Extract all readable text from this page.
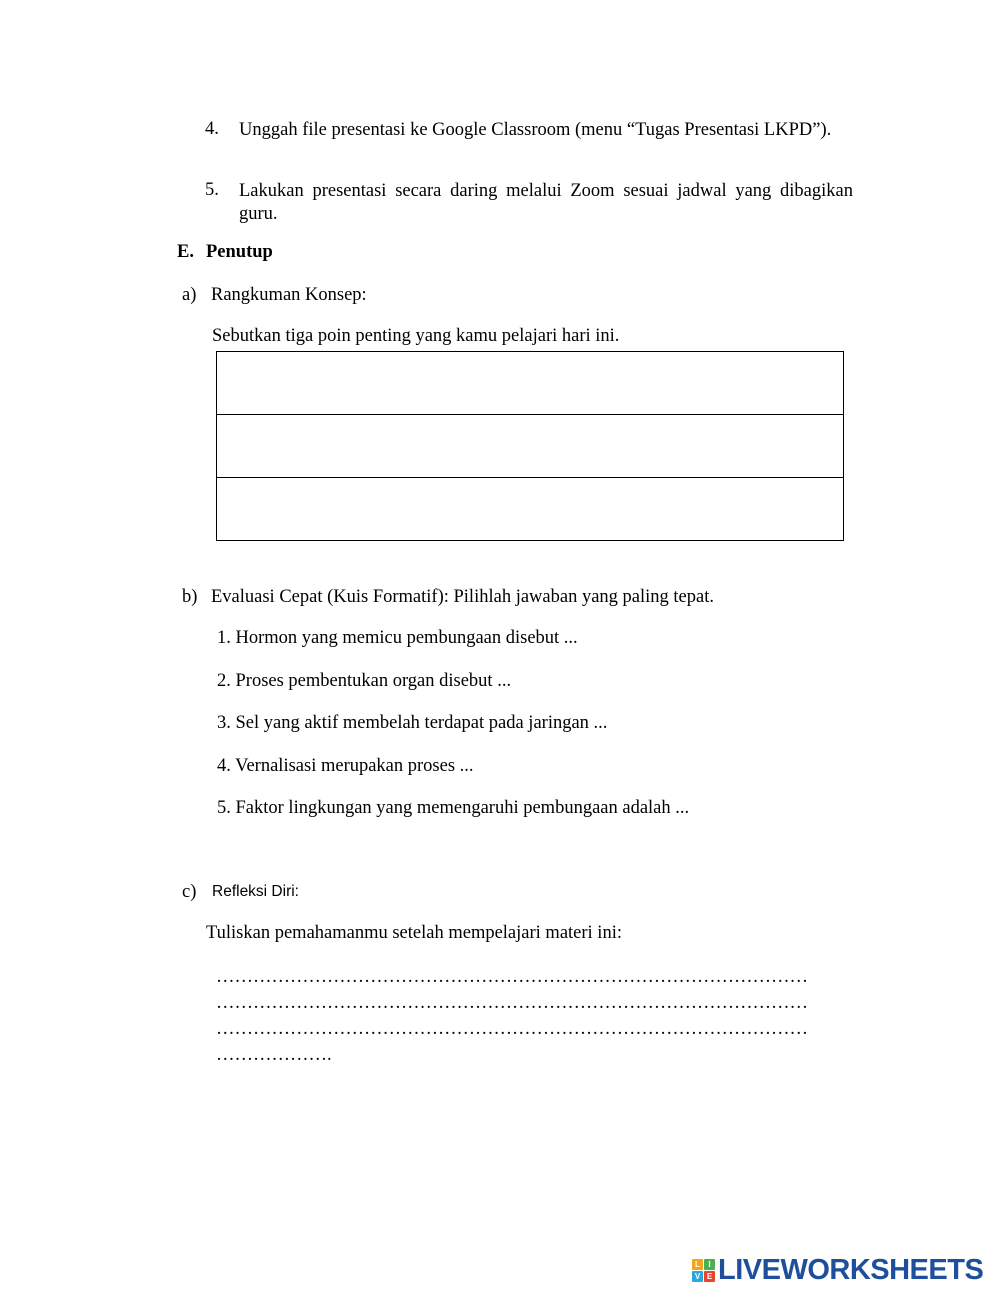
4. Unggah file presentasi ke Google Classroom (menu “Tugas Presentasi LKPD”).
5. Lakukan presentasi secara daring melalui Zoom sesuai jadwal yang dibagikan guru.
E. Penutup
a) Rangkuman Konsep:
Sebutkan tiga poin penting yang kamu pelajari hari ini.

b) Evaluasi Cepat (Kuis Formatif): Pilihlah jawaban yang paling tepat.
1. Hormon yang memicu pembungaan disebut ...
2. Proses pembentukan organ disebut ...
3. Sel yang aktif membelah terdapat pada jaringan ...
4. Vernalisasi merupakan proses ...
5. Faktor lingkungan yang memengaruhi pembungaan adalah ...
c) Refleksi Diri:
Tuliskan pemahamanmu setelah mempelajari materi ini:
……………………………………………………………………………………
……………………………………………………………………………………
……………………………………………………………………………………
……………….
L	I
V E LIVEWORKSHEETS
